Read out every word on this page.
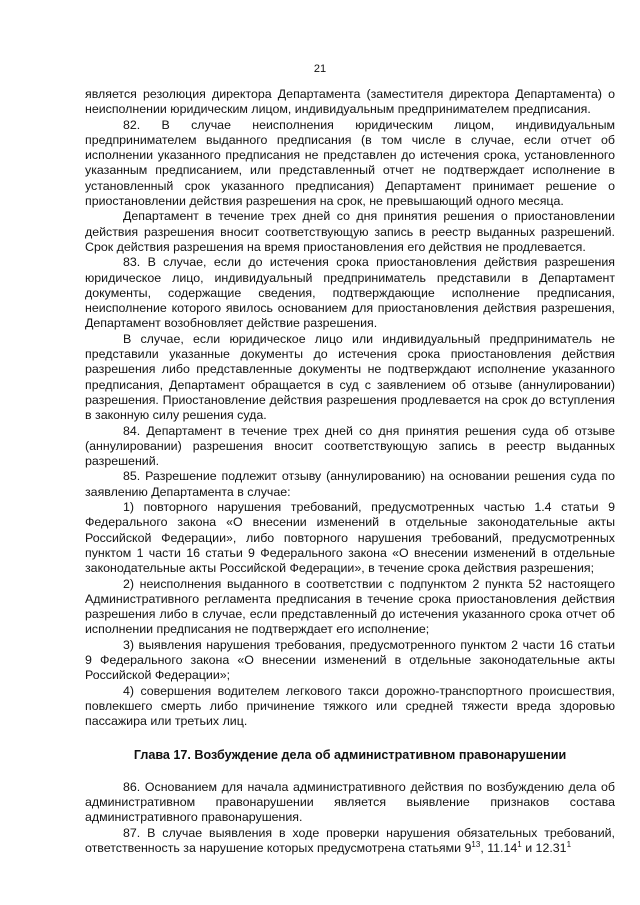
21

является резолюция директора Департамента (заместителя директора Департамента) о неисполнении юридическим лицом, индивидуальным предпринимателем предписания.

82. В случае неисполнения юридическим лицом, индивидуальным предпринимателем выданного предписания (в том числе в случае, если отчет об исполнении указанного предписания не представлен до истечения срока, установленного указанным предписанием, или представленный отчет не подтверждает исполнение в установленный срок указанного предписания) Департамент принимает решение о приостановлении действия разрешения на срок, не превышающий одного месяца.

Департамент в течение трех дней со дня принятия решения о приостановлении действия разрешения вносит соответствующую запись в реестр выданных разрешений. Срок действия разрешения на время приостановления его действия не продлевается.

83. В случае, если до истечения срока приостановления действия разрешения юридическое лицо, индивидуальный предприниматель представили в Департамент документы, содержащие сведения, подтверждающие исполнение предписания, неисполнение которого явилось основанием для приостановления действия разрешения, Департамент возобновляет действие разрешения.

В случае, если юридическое лицо или индивидуальный предприниматель не представили указанные документы до истечения срока приостановления действия разрешения либо представленные документы не подтверждают исполнение указанного предписания, Департамент обращается в суд с заявлением об отзыве (аннулировании) разрешения. Приостановление действия разрешения продлевается на срок до вступления в законную силу решения суда.

84. Департамент в течение трех дней со дня принятия решения суда об отзыве (аннулировании) разрешения вносит соответствующую запись в реестр выданных разрешений.

85. Разрешение подлежит отзыву (аннулированию) на основании решения суда по заявлению Департамента в случае:

1) повторного нарушения требований, предусмотренных частью 1.4 статьи 9 Федерального закона «О внесении изменений в отдельные законодательные акты Российской Федерации», либо повторного нарушения требований, предусмотренных пунктом 1 части 16 статьи 9 Федерального закона «О внесении изменений в отдельные законодательные акты Российской Федерации», в течение срока действия разрешения;

2) неисполнения выданного в соответствии с подпунктом 2 пункта 52 настоящего Административного регламента предписания в течение срока приостановления действия разрешения либо в случае, если представленный до истечения указанного срока отчет об исполнении предписания не подтверждает его исполнение;

3) выявления нарушения требования, предусмотренного пунктом 2 части 16 статьи 9 Федерального закона «О внесении изменений в отдельные законодательные акты Российской Федерации»;

4) совершения водителем легкового такси дорожно-транспортного происшествия, повлекшего смерть либо причинение тяжкого или средней тяжести вреда здоровью пассажира или третьих лиц.

Глава 17. Возбуждение дела об административном правонарушении

86. Основанием для начала административного действия по возбуждению дела об административном правонарушении является выявление признаков состава административного правонарушения.

87. В случае выявления в ходе проверки нарушения обязательных требований, ответственность за нарушение которых предусмотрена статьями $9^{13}$, 11.14$^1$ и 12.31$^1$
